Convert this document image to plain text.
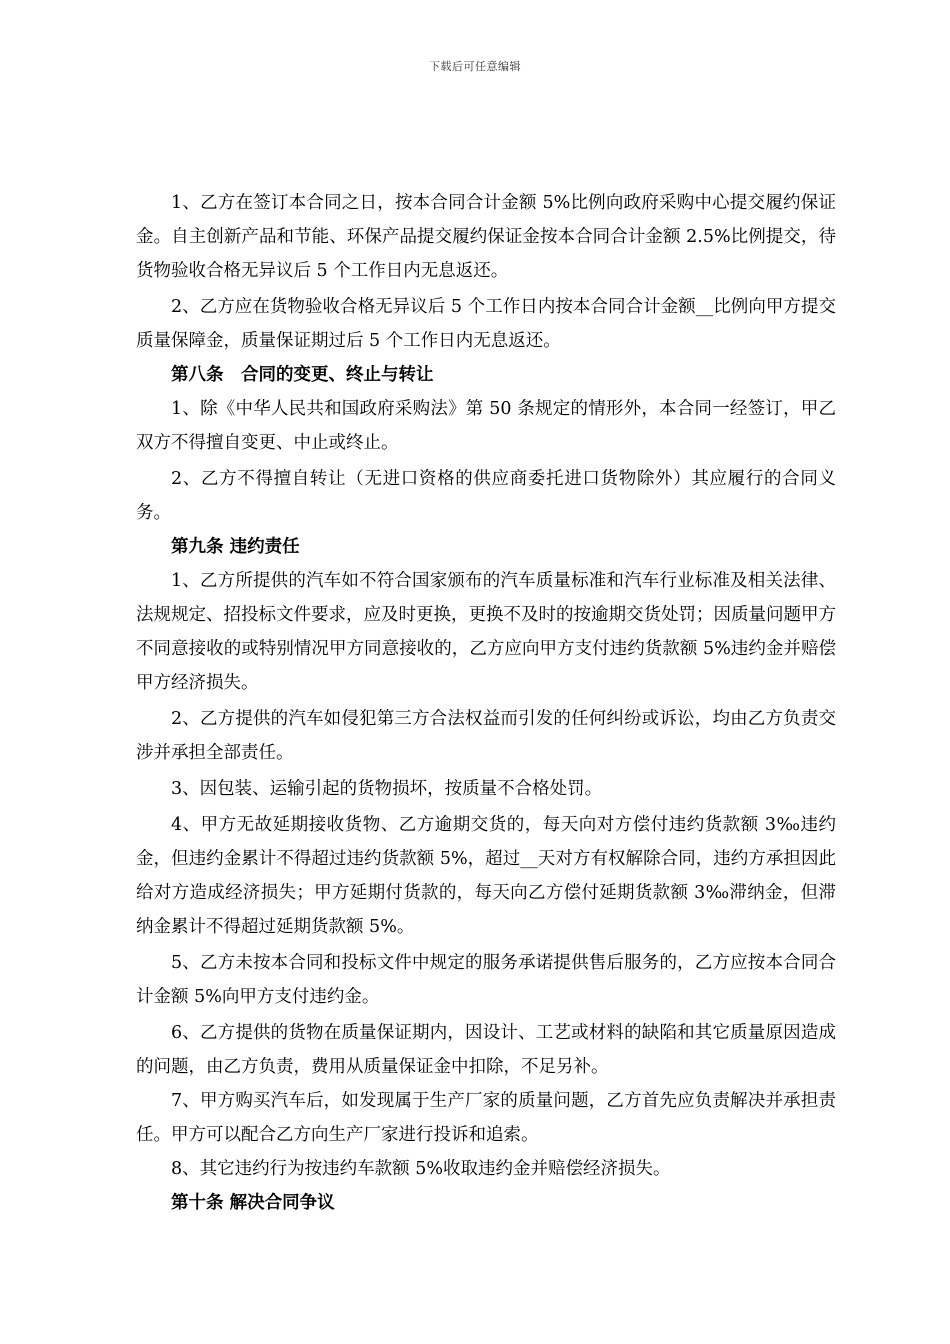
下载后可任意编辑

1、乙方在签订本合同之日，按本合同合计金额 5%比例向政府采购中心提交履约保证金。自主创新产品和节能、环保产品提交履约保证金按本合同合计金额 2.5%比例提交，待货物验收合格无异议后 5 个工作日内无息返还。

2、乙方应在货物验收合格无异议后 5 个工作日内按本合同合计金额__比例向甲方提交质量保障金，质量保证期过后 5 个工作日内无息返还。

第八条　合同的变更、终止与转让

1、除《中华人民共和国政府采购法》第 50 条规定的情形外，本合同一经签订，甲乙双方不得擅自变更、中止或终止。

2、乙方不得擅自转让（无进口资格的供应商委托进口货物除外）其应履行的合同义务。

第九条 违约责任

1、乙方所提供的汽车如不符合国家颁布的汽车质量标准和汽车行业标准及相关法律、法规规定、招投标文件要求，应及时更换，更换不及时的按逾期交货处罚；因质量问题甲方不同意接收的或特别情况甲方同意接收的，乙方应向甲方支付违约货款额 5%违约金并赔偿甲方经济损失。

2、乙方提供的汽车如侵犯第三方合法权益而引发的任何纠纷或诉讼，均由乙方负责交涉并承担全部责任。

3、因包装、运输引起的货物损坏，按质量不合格处罚。

4、甲方无故延期接收货物、乙方逾期交货的，每天向对方偿付违约货款额 3‰违约金，但违约金累计不得超过违约货款额 5%，超过__天对方有权解除合同，违约方承担因此给对方造成经济损失；甲方延期付货款的，每天向乙方偿付延期货款额 3‰滞纳金，但滞纳金累计不得超过延期货款额 5%。

5、乙方未按本合同和投标文件中规定的服务承诺提供售后服务的，乙方应按本合同合计金额 5%向甲方支付违约金。

6、乙方提供的货物在质量保证期内，因设计、工艺或材料的缺陷和其它质量原因造成的问题，由乙方负责，费用从质量保证金中扣除，不足另补。

7、甲方购买汽车后，如发现属于生产厂家的质量问题，乙方首先应负责解决并承担责任。甲方可以配合乙方向生产厂家进行投诉和追索。

8、其它违约行为按违约车款额 5%收取违约金并赔偿经济损失。

第十条 解决合同争议
